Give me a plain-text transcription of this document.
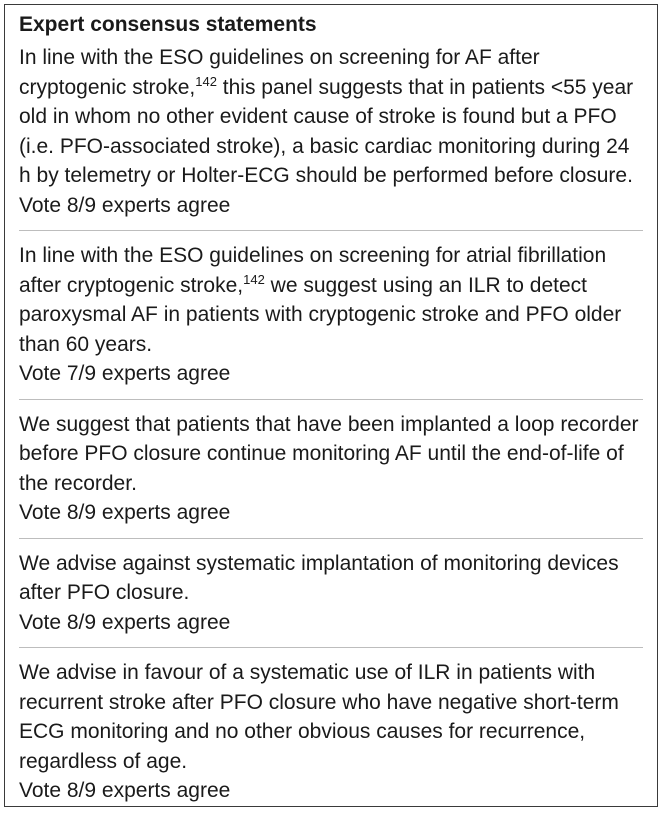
Expert consensus statements

In line with the ESO guidelines on screening for AF after cryptogenic stroke,$^{142}$ this panel suggests that in patients <55 year old in whom no other evident cause of stroke is found but a PFO (i.e. PFO-associated stroke), a basic cardiac monitoring during 24 h by telemetry or Holter-ECG should be performed before closure.

Vote 8/9 experts agree

In line with the ESO guidelines on screening for atrial fibrillation after cryptogenic stroke,$^{142}$ we suggest using an ILR to detect paroxysmal AF in patients with cryptogenic stroke and PFO older than 60 years.

Vote 7/9 experts agree

We suggest that patients that have been implanted a loop recorder before PFO closure continue monitoring AF until the end-of-life of the recorder.

Vote 8/9 experts agree

We advise against systematic implantation of monitoring devices after PFO closure.

Vote 8/9 experts agree

We advise in favour of a systematic use of ILR in patients with recurrent stroke after PFO closure who have negative short-term ECG monitoring and no other obvious causes for recurrence, regardless of age.

Vote 8/9 experts agree
